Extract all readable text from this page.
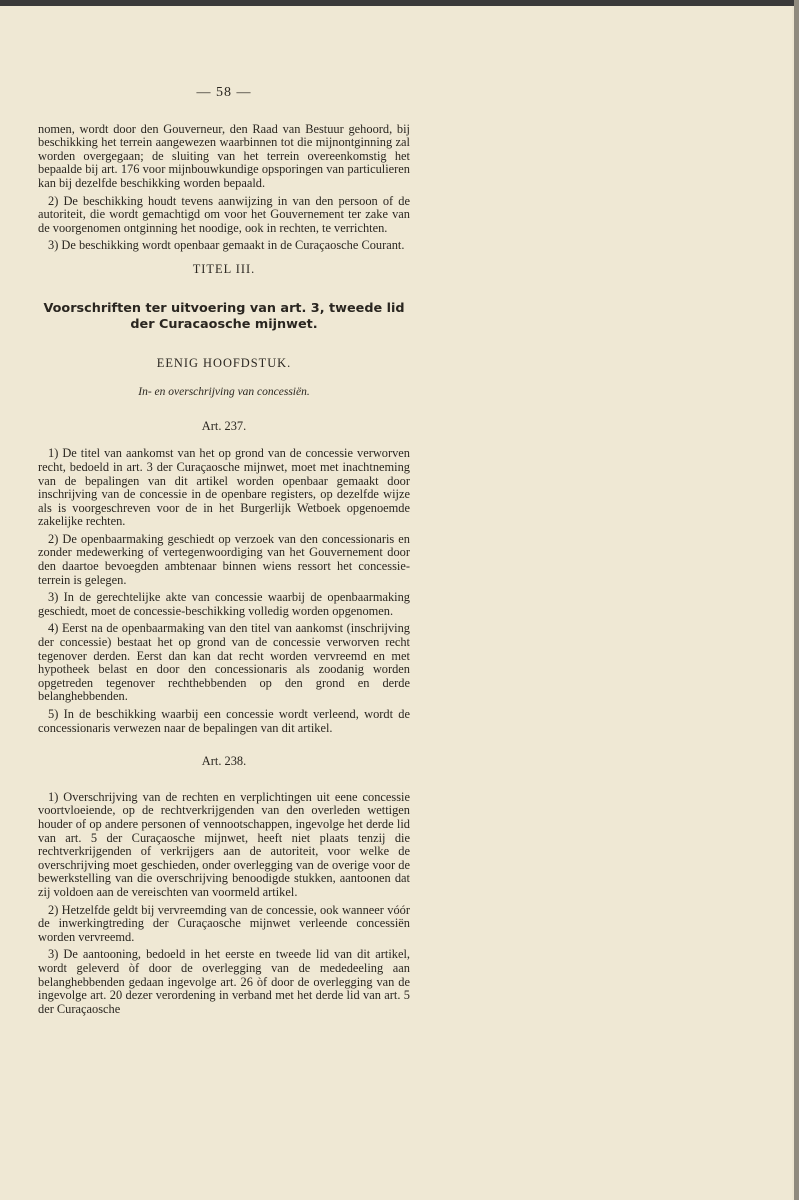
— 58 —

nomen, wordt door den Gouverneur, den Raad van Bestuur gehoord, bij beschikking het terrein aangewezen waarbinnen tot die mijnontginning zal worden overgegaan; de sluiting van het terrein overeenkomstig het bepaalde bij art. 176 voor mijnbouwkundige opsporingen van particulieren kan bij dezelfde beschikking worden bepaald.

2) De beschikking houdt tevens aanwijzing in van den persoon of de autoriteit, die wordt gemachtigd om voor het Gouvernement ter zake van de voorgenomen ontginning het noodige, ook in rechten, te verrichten.

3) De beschikking wordt openbaar gemaakt in de Curaçaosche Courant.

TITEL III.
Voorschriften ter uitvoering van art. 3, tweede lid der Curacaosche mijnwet.
EENIG HOOFDSTUK.
In- en overschrijving van concessiën.
Art. 237.

1) De titel van aankomst van het op grond van de concessie verworven recht, bedoeld in art. 3 der Curaçaosche mijnwet, moet met inachtneming van de bepalingen van dit artikel worden openbaar gemaakt door inschrijving van de concessie in de openbare registers, op dezelfde wijze als is voorgeschreven voor de in het Burgerlijk Wetboek opgenoemde zakelijke rechten.

2) De openbaarmaking geschiedt op verzoek van den concessionaris en zonder medewerking of vertegenwoordiging van het Gouvernement door den daartoe bevoegden ambtenaar binnen wiens ressort het concessie-terrein is gelegen.

3) In de gerechtelijke akte van concessie waarbij de openbaarmaking geschiedt, moet de concessie-beschikking volledig worden opgenomen.

4) Eerst na de openbaarmaking van den titel van aankomst (inschrijving der concessie) bestaat het op grond van de concessie verworven recht tegenover derden. Eerst dan kan dat recht worden vervreemd en met hypotheek belast en door den concessionaris als zoodanig worden opgetreden tegenover rechthebbenden op den grond en derde belanghebbenden.

5) In de beschikking waarbij een concessie wordt verleend, wordt de concessionaris verwezen naar de bepalingen van dit artikel.

Art. 238.

1) Overschrijving van de rechten en verplichtingen uit eene concessie voortvloeiende, op de rechtverkrijgenden van den overleden wettigen houder of op andere personen of vennootschappen, ingevolge het derde lid van art. 5 der Curaçaosche mijnwet, heeft niet plaats tenzij die rechtverkrijgenden of verkrijgers aan de autoriteit, voor welke de overschrijving moet geschieden, onder overlegging van de overige voor de bewerkstelling van die overschrijving benoodigde stukken, aantoonen dat zij voldoen aan de vereischten van voormeld artikel.

2) Hetzelfde geldt bij vervreemding van de concessie, ook wanneer vóór de inwerkingtreding der Curaçaosche mijnwet verleende concessiën worden vervreemd.

3) De aantooning, bedoeld in het eerste en tweede lid van dit artikel, wordt geleverd òf door de overlegging van de mededeeling aan belanghebbenden gedaan ingevolge art. 26 òf door de overlegging van de ingevolge art. 20 dezer verordening in verband met het derde lid van art. 5 der Curaçaosche
